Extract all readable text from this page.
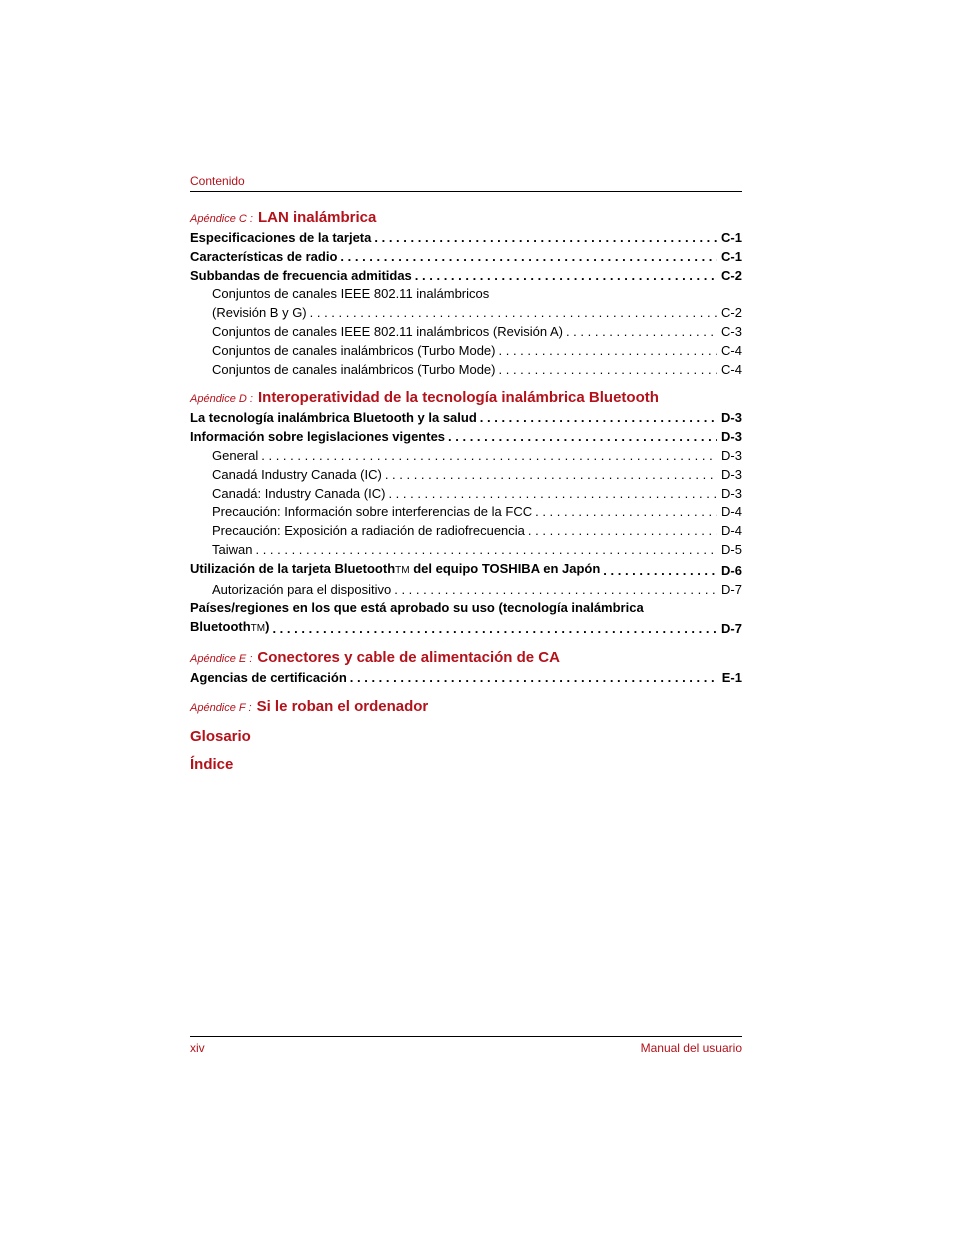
Contenido
Apéndice C : LAN inalámbrica
Especificaciones de la tarjeta . . .	C-1
Características de radio . . .	C-1
Subbandas de frecuencia admitidas . . .	C-2
Conjuntos de canales IEEE 802.11 inalámbricos
(Revisión B y G) . . .	C-2
Conjuntos de canales IEEE 802.11 inalámbricos (Revisión A) . . .	C-3
Conjuntos de canales inalámbricos (Turbo Mode) . . .	C-4
Conjuntos de canales inalámbricos (Turbo Mode) . . .	C-4
Apéndice D : Interoperatividad de la tecnología inalámbrica Bluetooth
La tecnología inalámbrica Bluetooth y la salud . . .	D-3
Información sobre legislaciones vigentes . . .	D-3
General . . .	D-3
Canadá Industry Canada (IC) . . .	D-3
Canadá: Industry Canada (IC) . . .	D-3
Precaución: Información sobre interferencias de la FCC . . .	D-4
Precaución: Exposición a radiación de radiofrecuencia . . .	D-4
Taiwan . . .	D-5
Utilización de la tarjeta BluetoothTM del equipo TOSHIBA en Japón . . .	D-6
Autorización para el dispositivo . . .	D-7
Países/regiones en los que está aprobado su uso (tecnología inalámbrica
BluetoothTM) . . .	D-7
Apéndice E : Conectores y cable de alimentación de CA
Agencias de certificación . . .	E-1
Apéndice F : Si le roban el ordenador
Glosario
Índice
xiv	Manual del usuario
